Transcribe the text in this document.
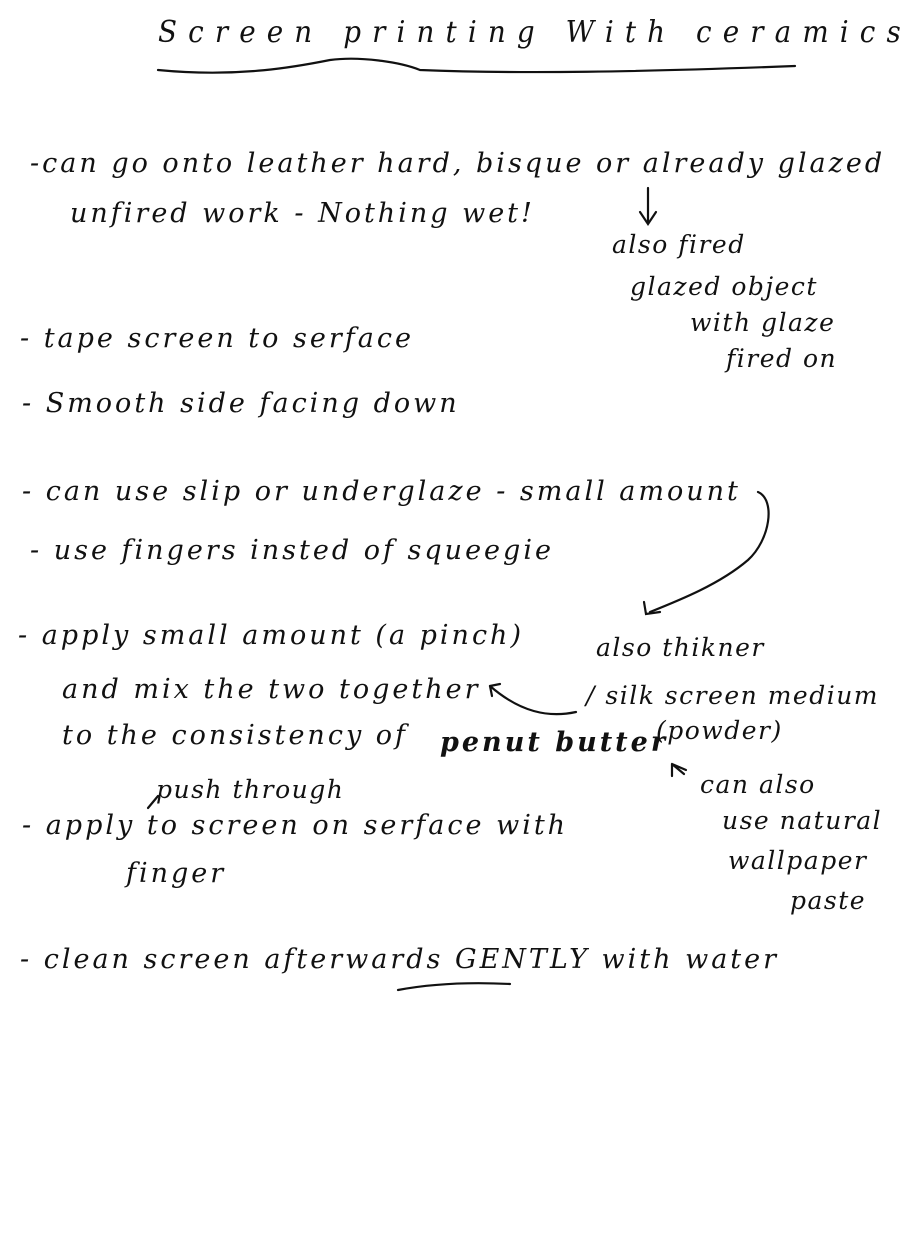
Screen printing With ceramics
-can go onto leather hard, bisque or already glazed
unfired work - Nothing wet!
also fired
glazed object
with glaze
fired on
- tape screen to serface
- Smooth side facing down
- can use slip or underglaze - small amount
- use fingers insted of squeegie
- apply small amount (a pinch)
and mix the two together
to the consistency of penut butter
also thikner
/ silk screen medium
(powder)
can also
use natural
wallpaper
paste
push through
- apply to screen on serface with
finger
- clean screen afterwards GENTLY with water
